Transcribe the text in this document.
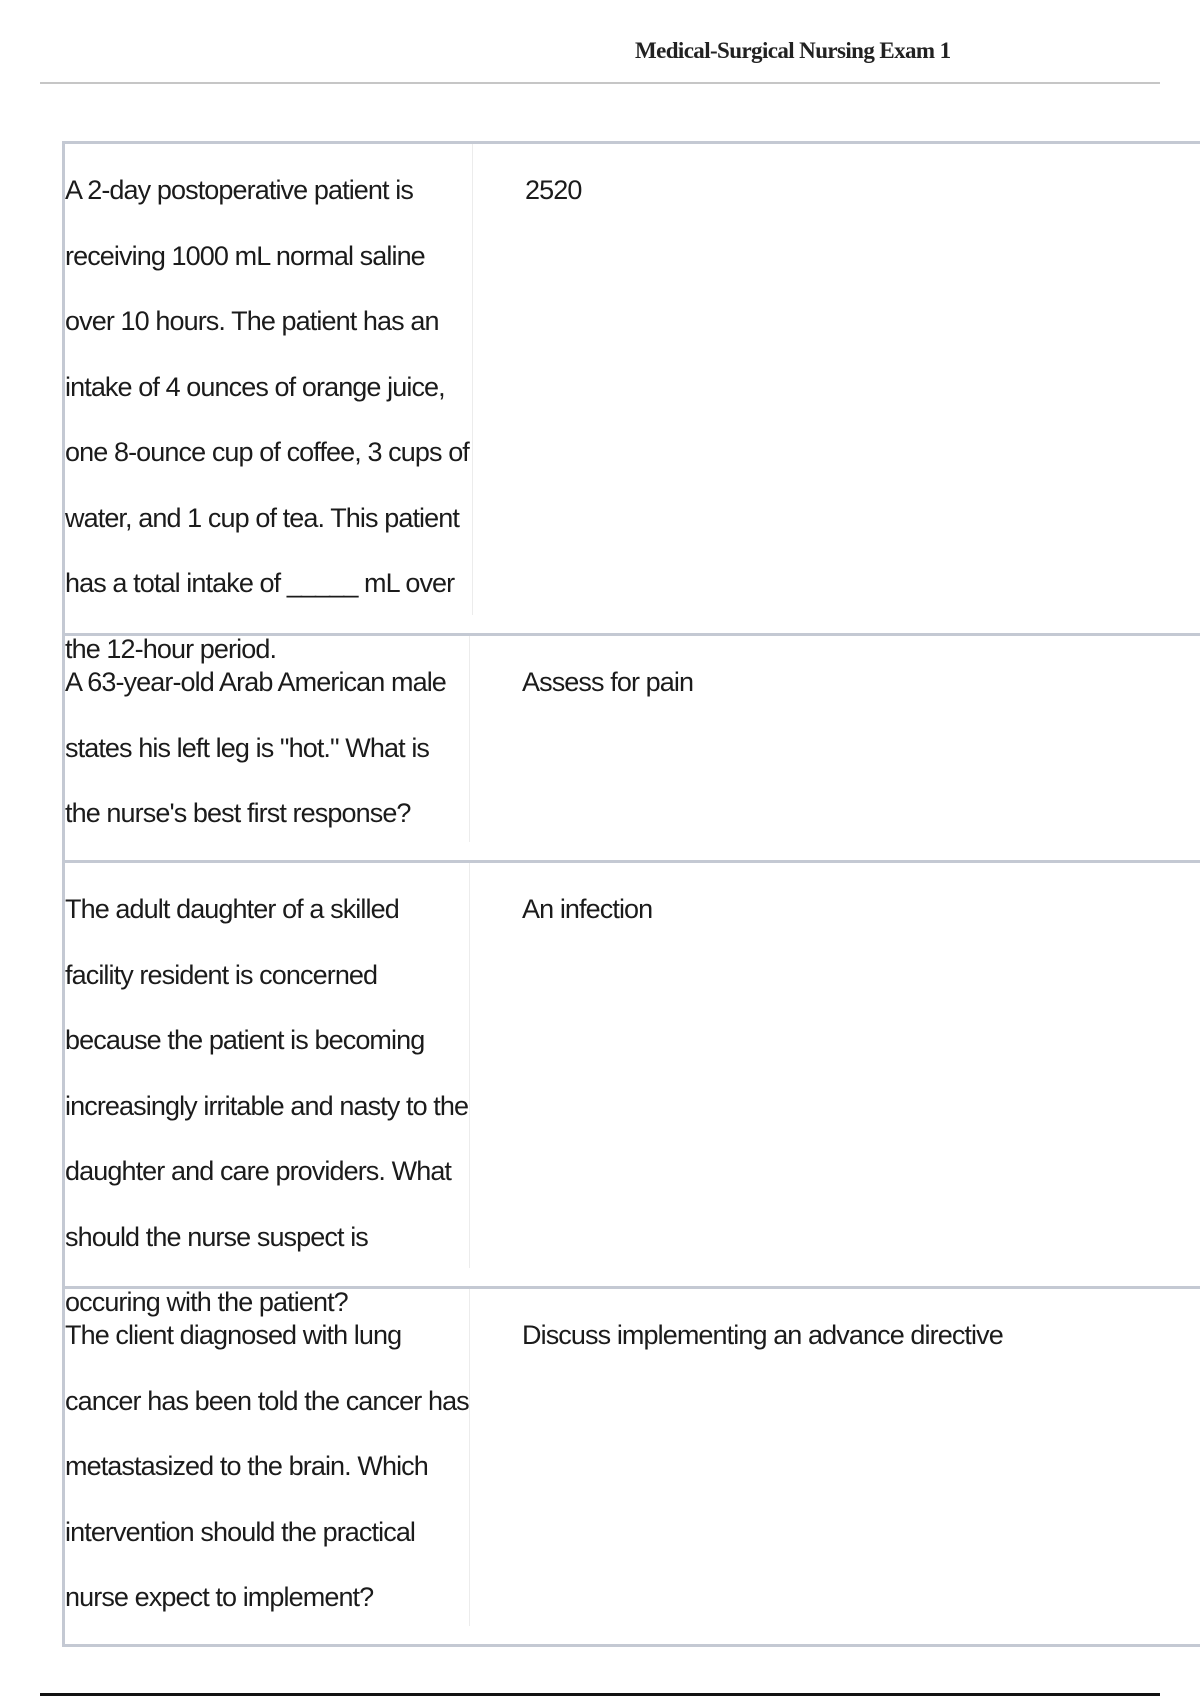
Medical-Surgical Nursing Exam 1
A 2-day postoperative patient is receiving 1000 mL normal saline over 10 hours. The patient has an intake of 4 ounces of orange juice, one 8-ounce cup of coffee, 3 cups of water, and 1 cup of tea. This patient has a total intake of _____ mL over the 12-hour period.
2520
A 63-year-old Arab American male states his left leg is "hot." What is the nurse's best first response?
Assess for pain
The adult daughter of a skilled facility resident is concerned because the patient is becoming increasingly irritable and nasty to the daughter and care providers. What should the nurse suspect is occuring with the patient?
An infection
The client diagnosed with lung cancer has been told the cancer has metastasized to the brain. Which intervention should the practical nurse expect to implement?
Discuss implementing an advance directive
